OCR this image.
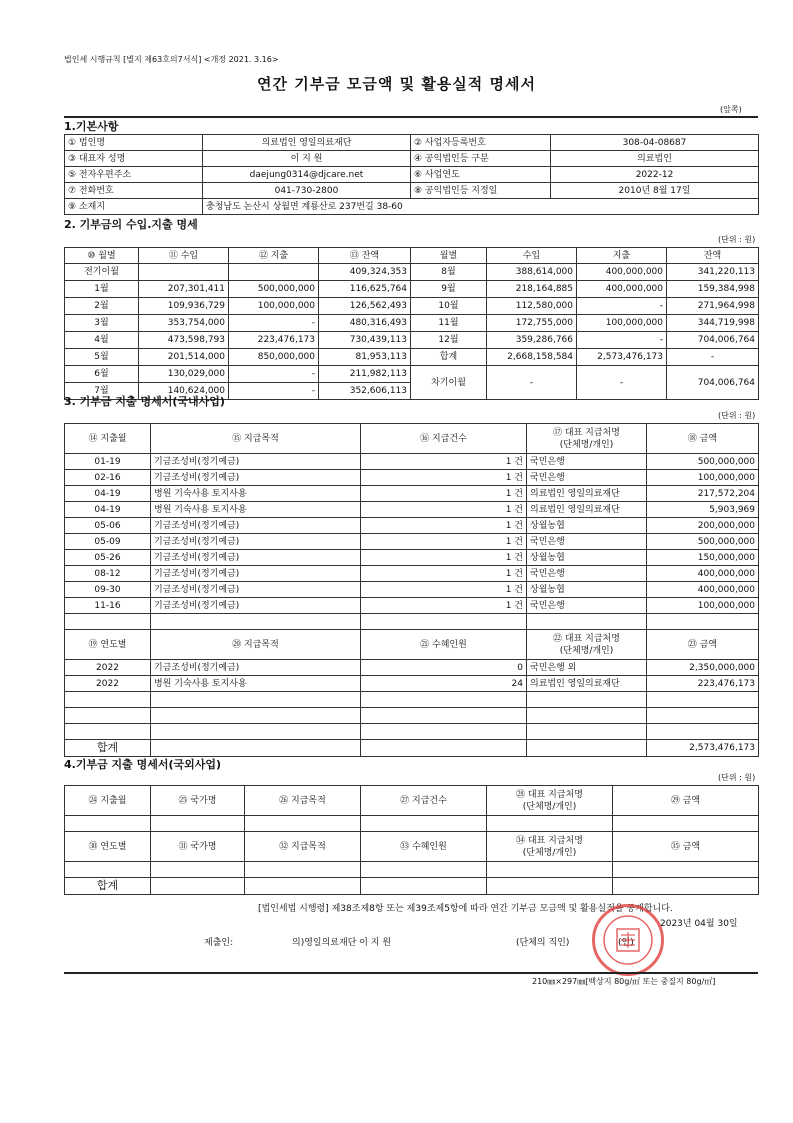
법인세 시행규칙 [별지 제63호의7서식] <개정 2021. 3.16>
연간 기부금 모금액 및 활용실적 명세서
(앞쪽)
1.기본사항
① 법인명	의료법인 영일의료재단	② 사업자등록번호	308-04-08687
③ 대표자 성명	이 지 원	④ 공익법인등 구분	의료법인
⑤ 전자우편주소	daejung0314@djcare.net	⑥ 사업연도	2022-12
⑦ 전화번호	041-730-2800	⑧ 공익법인등 지정일	2010년 8월 17일
⑨ 소재지	충청남도 논산시 상월면 계룡산로 237번길 38-60		
2. 기부금의 수입.지출 명세
(단위 : 원)
⑩ 월별	⑪ 수입	⑫ 지출	⑬ 잔액	월별	수입	지출	잔액
전기이월			409,324,353	8월	388,614,000	400,000,000	341,220,113
1월	207,301,411	500,000,000	116,625,764	9월	218,164,885	400,000,000	159,384,998
2월	109,936,729	100,000,000	126,562,493	10월	112,580,000	-	271,964,998
3월	353,754,000	-	480,316,493	11월	172,755,000	100,000,000	344,719,998
4월	473,598,793	223,476,173	730,439,113	12월	359,286,766	-	704,006,764
5월	201,514,000	850,000,000	81,953,113	합계	2,668,158,584	2,573,476,173	-
6월	130,029,000	-	211,982,113	차기이월	-	-	704,006,764
7월	140,624,000	-	352,606,113				
3. 기부금 지출 명세서(국내사업)
(단위 : 원)
⑭ 지출월	⑮ 지급목적	⑯ 지급건수	⑰ 대표 지급처명
(단체명/개인)	⑱ 금액
01-19	기금조성비(정기예금)	1 건	국민은행	500,000,000
02-16	기금조성비(정기예금)	1 건	국민은행	100,000,000
04-19	병원 기숙사용 토지사용	1 건	의료법인 영일의료재단	217,572,204
04-19	병원 기숙사용 토지사용	1 건	의료법인 영일의료재단	5,903,969
05-06	기금조성비(정기예금)	1 건	상월농협	200,000,000
05-09	기금조성비(정기예금)	1 건	국민은행	500,000,000
05-26	기금조성비(정기예금)	1 건	상월농협	150,000,000
08-12	기금조성비(정기예금)	1 건	국민은행	400,000,000
09-30	기금조성비(정기예금)	1 건	상월농협	400,000,000
11-16	기금조성비(정기예금)	1 건	국민은행	100,000,000

⑲ 연도별	⑳ 지급목적	㉑ 수혜인원	㉒ 대표 지급처명
(단체명/개인)	㉓ 금액
2022	기금조성비(정기예금)	0	국민은행 외	2,350,000,000
2022	병원 기숙사용 토지사용	24	의료법인 영일의료재단	223,476,173

합계				2,573,476,173
4.기부금 지출 명세서(국외사업)
(단위 : 원)
㉔ 지출월	㉕ 국가명	㉖ 지급목적	㉗ 지급건수	㉘ 대표 지급처명
(단체명/개인)	㉙ 금액

㉚ 연도별	㉛ 국가명	㉜ 지급목적	㉝ 수혜인원	㉞ 대표 지급처명
(단체명/개인)	㉟ 금액

합계					
[법인세법 시행령] 제38조제8항 또는 제39조제5항에 따라 연간 기부금 모금액 및 활용실적을 공개합니다.
2023년 04월 30일
제출인:	의)영일의료재단 이 지 원	(단체의 직인)	(인)
210㎜×297㎜[백상지 80g/㎡ 또는 중질지 80g/㎡]
